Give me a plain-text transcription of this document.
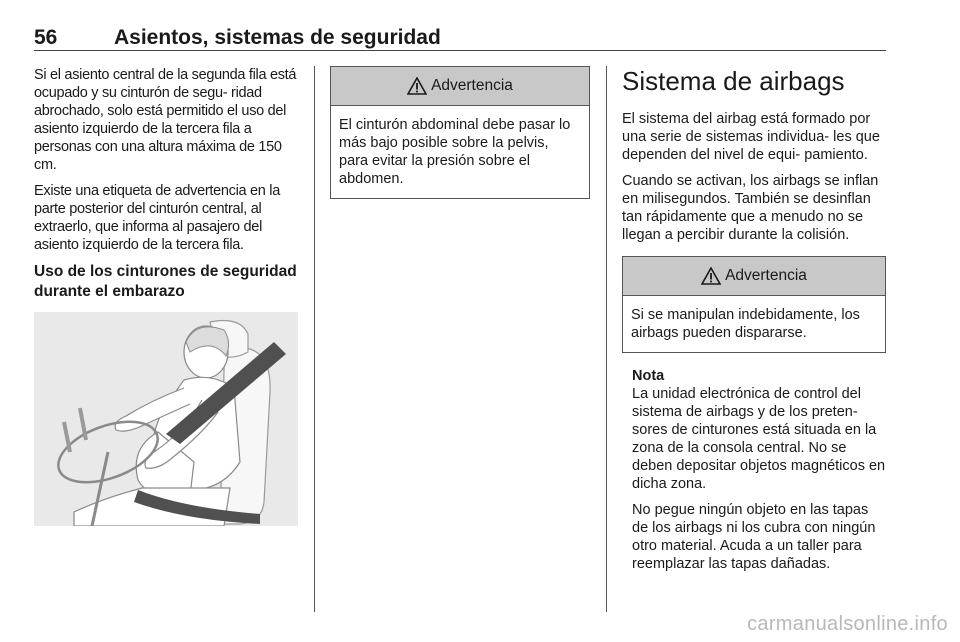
56	Asientos, sistemas de seguridad

Si el asiento central de la segunda fila está ocupado y su cinturón de segu- ridad abrochado, solo está permitido el uso del asiento izquierdo de la tercera fila a personas con una altura máxima de 150 cm.

Existe una etiqueta de advertencia en la parte posterior del cinturón central, al extraerlo, que informa al pasajero del asiento izquierdo de la tercera fila.

Uso de los cinturones de seguridad durante el embarazo
Advertencia
El cinturón abdominal debe pasar lo más bajo posible sobre la pelvis, para evitar la presión sobre el abdomen.
Sistema de airbags

El sistema del airbag está formado por una serie de sistemas individua- les que dependen del nivel de equi- pamiento.

Cuando se activan, los airbags se inflan en milisegundos. También se desinflan tan rápidamente que a menudo no se llegan a percibir durante la colisión.

Advertencia
Si se manipulan indebidamente, los airbags pueden dispararse.
Nota

La unidad electrónica de control del sistema de airbags y de los preten- sores de cinturones está situada en la zona de la consola central. No se deben depositar objetos magnéticos en dicha zona.

No pegue ningún objeto en las tapas de los airbags ni los cubra con ningún otro material. Acuda a un taller para reemplazar las tapas dañadas.

carmanualsonline.info
